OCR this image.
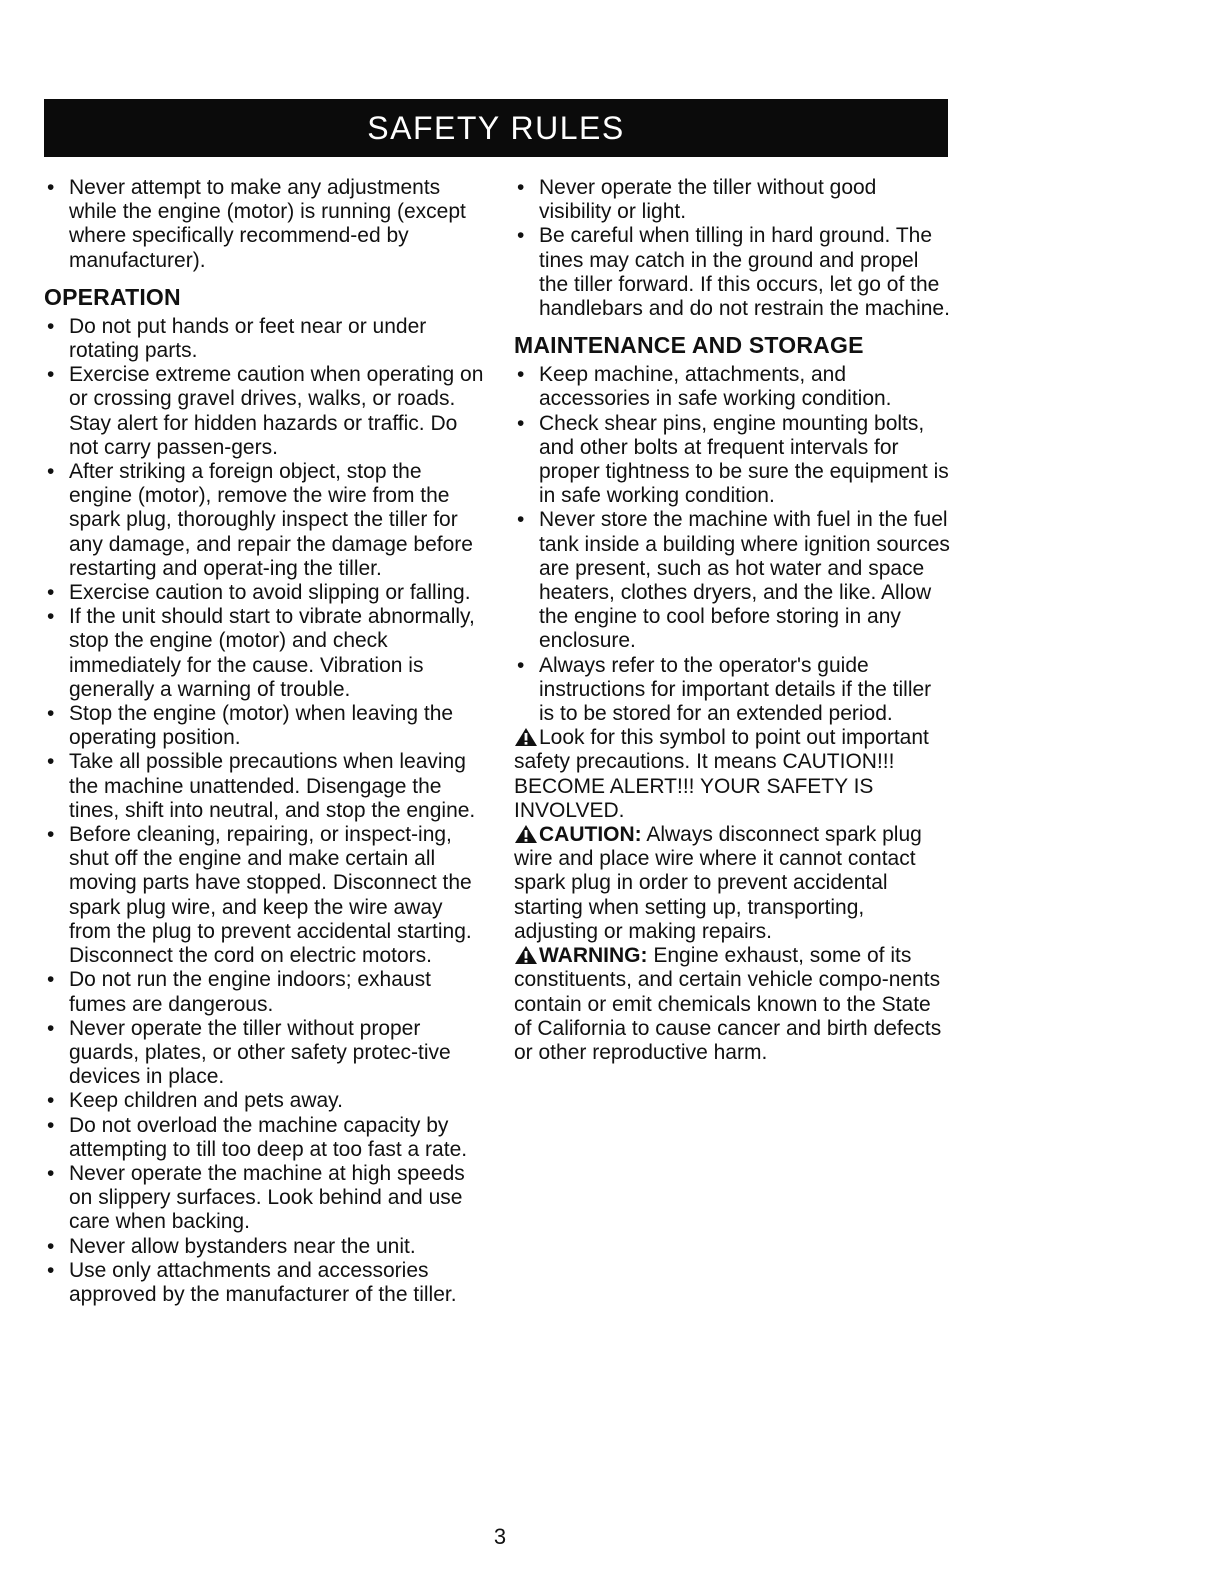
SAFETY RULES
• Never attempt to make any adjustments while the engine (motor) is running (except where specifically recommend-ed by manufacturer).
OPERATION
• Do not put hands or feet near or under rotating parts.
• Exercise extreme caution when operating on or crossing gravel drives, walks, or roads. Stay alert for hidden hazards or traffic. Do not carry passen-gers.
• After striking a foreign object, stop the engine (motor), remove the wire from the spark plug, thoroughly inspect the tiller for any damage, and repair the damage before restarting and operat-ing the tiller.
• Exercise caution to avoid slipping or falling.
• If the unit should start to vibrate abnormally, stop the engine (motor) and check immediately for the cause. Vibration is generally a warning of trouble.
• Stop the engine (motor) when leaving the operating position.
• Take all possible precautions when leaving the machine unattended. Disengage the tines, shift into neutral, and stop the engine.
• Before cleaning, repairing, or inspect-ing, shut off the engine and make certain all moving parts have stopped. Disconnect the spark plug wire, and keep the wire away from the plug to prevent accidental starting. Disconnect the cord on electric motors.
• Do not run the engine indoors; exhaust fumes are dangerous.
• Never operate the tiller without proper guards, plates, or other safety protec-tive devices in place.
• Keep children and pets away.
• Do not overload the machine capacity by attempting to till too deep at too fast a rate.
• Never operate the machine at high speeds on slippery surfaces. Look behind and use care when backing.
• Never allow bystanders near the unit.
• Use only attachments and accessories approved by the manufacturer of the tiller.
• Never operate the tiller without good visibility or light.
• Be careful when tilling in hard ground. The tines may catch in the ground and propel the tiller forward. If this occurs, let go of the handlebars and do not restrain the machine.
MAINTENANCE AND STORAGE
• Keep machine, attachments, and accessories in safe working condition.
• Check shear pins, engine mounting bolts, and other bolts at frequent intervals for proper tightness to be sure the equipment is in safe working condition.
• Never store the machine with fuel in the fuel tank inside a building where ignition sources are present, such as hot water and space heaters, clothes dryers, and the like. Allow the engine to cool before storing in any enclosure.
• Always refer to the operator's guide instructions for important details if the tiller is to be stored for an extended period.

Look for this symbol to point out important safety precautions. It means CAUTION!!! BECOME ALERT!!! YOUR SAFETY IS INVOLVED.

CAUTION: Always disconnect spark plug wire and place wire where it cannot contact spark plug in order to prevent accidental starting when setting up, transporting, adjusting or making repairs.

WARNING: Engine exhaust, some of its constituents, and certain vehicle compo-nents contain or emit chemicals known to the State of California to cause cancer and birth defects or other reproductive harm.

3
